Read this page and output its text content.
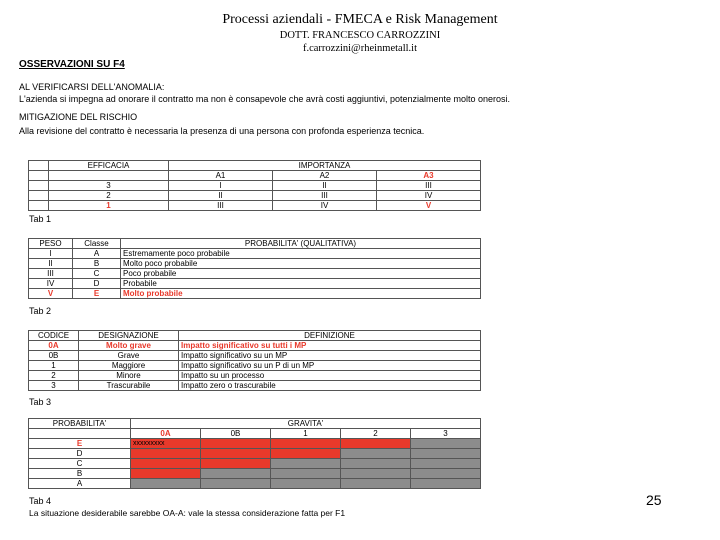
Processi aziendali - FMECA e Risk Management
DOTT. FRANCESCO CARROZZINI
f.carrozzini@rheinmetall.it
OSSERVAZIONI SU F4
AL VERIFICARSI DELL'ANOMALIA:
L'azienda si impegna ad onorare il contratto ma non è consapevole che avrà costi aggiuntivi, potenzialmente molto onerosi.
MITIGAZIONE DEL RISCHIO
Alla revisione del contratto è necessaria la presenza di una persona con profonda esperienza tecnica.
	EFFICACIA	IMPORTANZA		
		A1	A2	A3
	3	I	II	III
	2	II	III	IV
	1	III	IV	V
Tab 1
PESO	Classe	PROBABILITA' (QUALITATIVA)
I	A	Estremamente poco probabile
II	B	Molto poco probabile
III	C	Poco probabile
IV	D	Probabile
V	E	Molto probabile
Tab 2
CODICE	DESIGNAZIONE	DEFINIZIONE
0A	Molto grave	Impatto significativo su tutti i MP
0B	Grave	Impatto significativo su un MP
1	Maggiore	Impatto significativo su un P di un MP
2	Minore	Impatto su un processo
3	Trascurabile	Impatto zero o trascurabile
Tab 3
PROBABILITA'	GRAVITA'				
	0A	0B	1	2	3
E	xxxxxxxxx				
D					
C					
B					
A					
Tab 4
La situazione desiderabile sarebbe OA-A: vale la stessa considerazione fatta per F1
25
